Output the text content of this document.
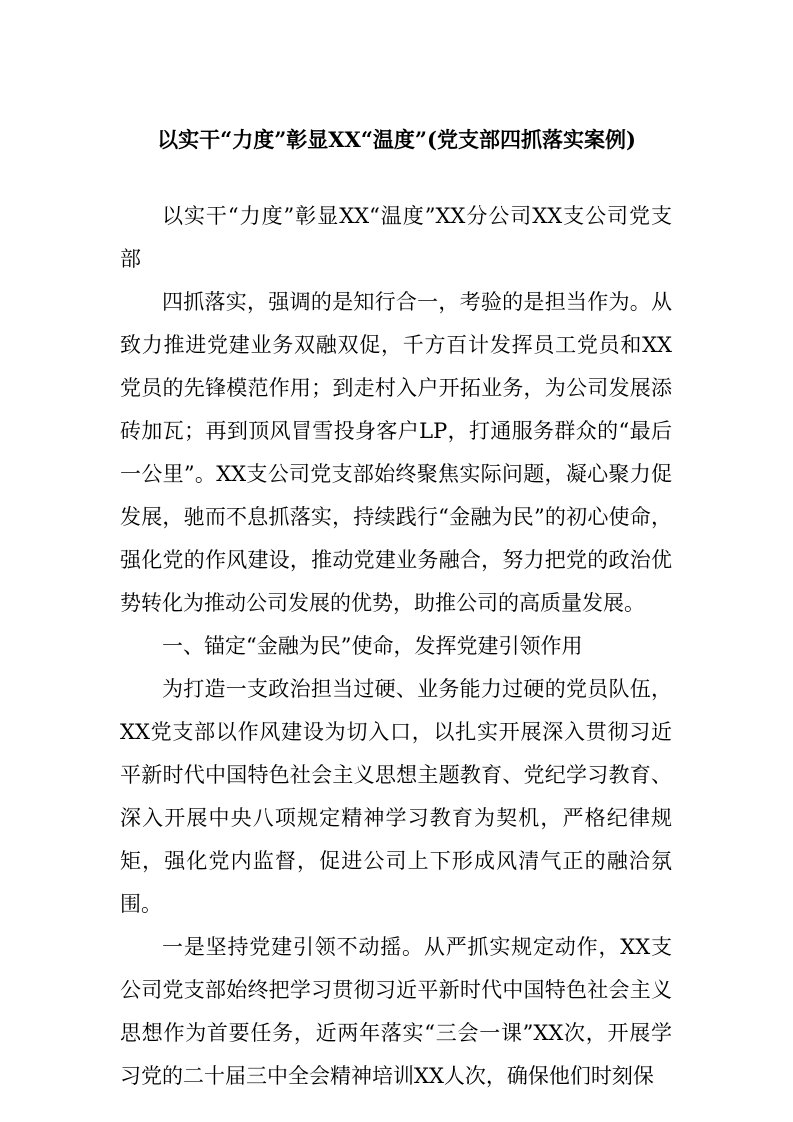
以实干“力度”彰显XX“温度”(党支部四抓落实案例)

以实干“力度”彰显XX“温度”XX分公司XX支公司党支部

四抓落实，强调的是知行合一，考验的是担当作为。从致力推进党建业务双融双促，千方百计发挥员工党员和XX党员的先锋模范作用；到走村入户开拓业务，为公司发展添砖加瓦；再到顶风冒雪投身客户LP，打通服务群众的“最后一公里”。XX支公司党支部始终聚焦实际问题，凝心聚力促发展，驰而不息抓落实，持续践行“金融为民”的初心使命，强化党的作风建设，推动党建业务融合，努力把党的政治优势转化为推动公司发展的优势，助推公司的高质量发展。

一、锚定“金融为民”使命，发挥党建引领作用

为打造一支政治担当过硬、业务能力过硬的党员队伍，XX党支部以作风建设为切入口，以扎实开展深入贯彻习近平新时代中国特色社会主义思想主题教育、党纪学习教育、深入开展中央八项规定精神学习教育为契机，严格纪律规矩，强化党内监督，促进公司上下形成风清气正的融洽氛围。

一是坚持党建引领不动摇。从严抓实规定动作，XX支公司党支部始终把学习贯彻习近平新时代中国特色社会主义思想作为首要任务，近两年落实“三会一课”XX次，开展学习党的二十届三中全会精神培训XX人次，确保他们时刻保
